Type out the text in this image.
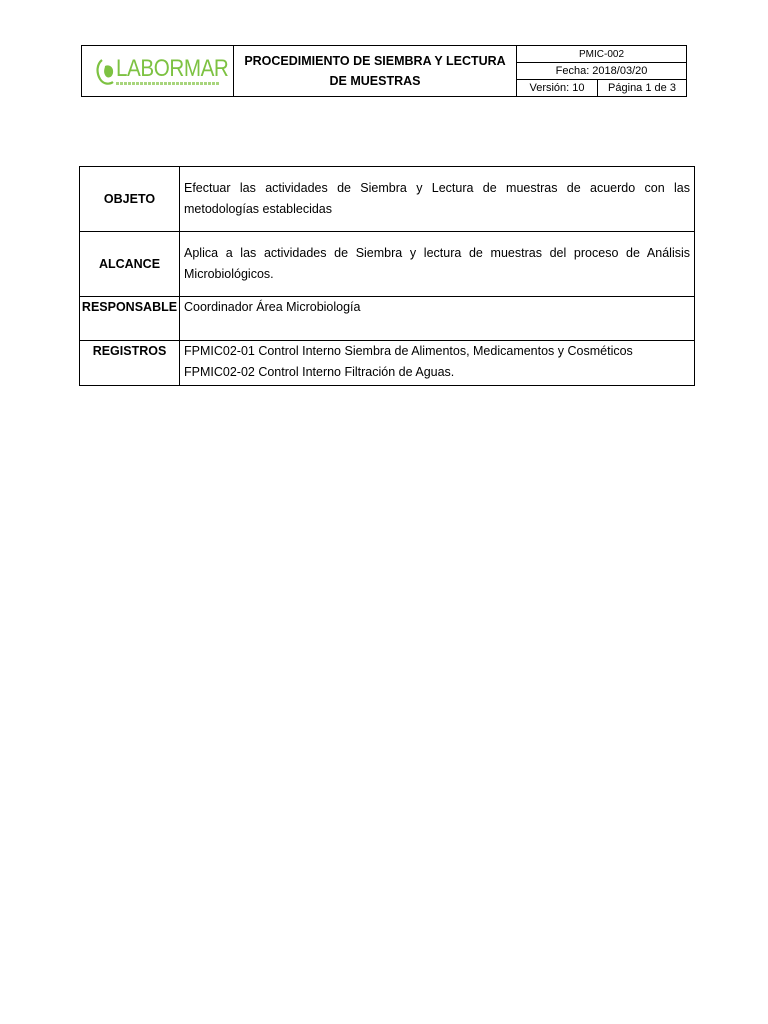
LABORMAR	PROCEDIMIENTO DE SIEMBRA Y LECTURA DE MUESTRAS
PMIC-002
Fecha: 2018/03/20
Versión: 10	Página 1 de 3
OBJETO	Efectuar las actividades de Siembra y Lectura de muestras de acuerdo con las metodologías establecidas
ALCANCE	Aplica a las actividades de Siembra y lectura de muestras del proceso de Análisis Microbiológicos.
RESPONSABLE	Coordinador Área Microbiología
REGISTROS	FPMIC02-01 Control Interno Siembra de Alimentos, Medicamentos y Cosméticos
FPMIC02-02 Control Interno Filtración de Aguas.
